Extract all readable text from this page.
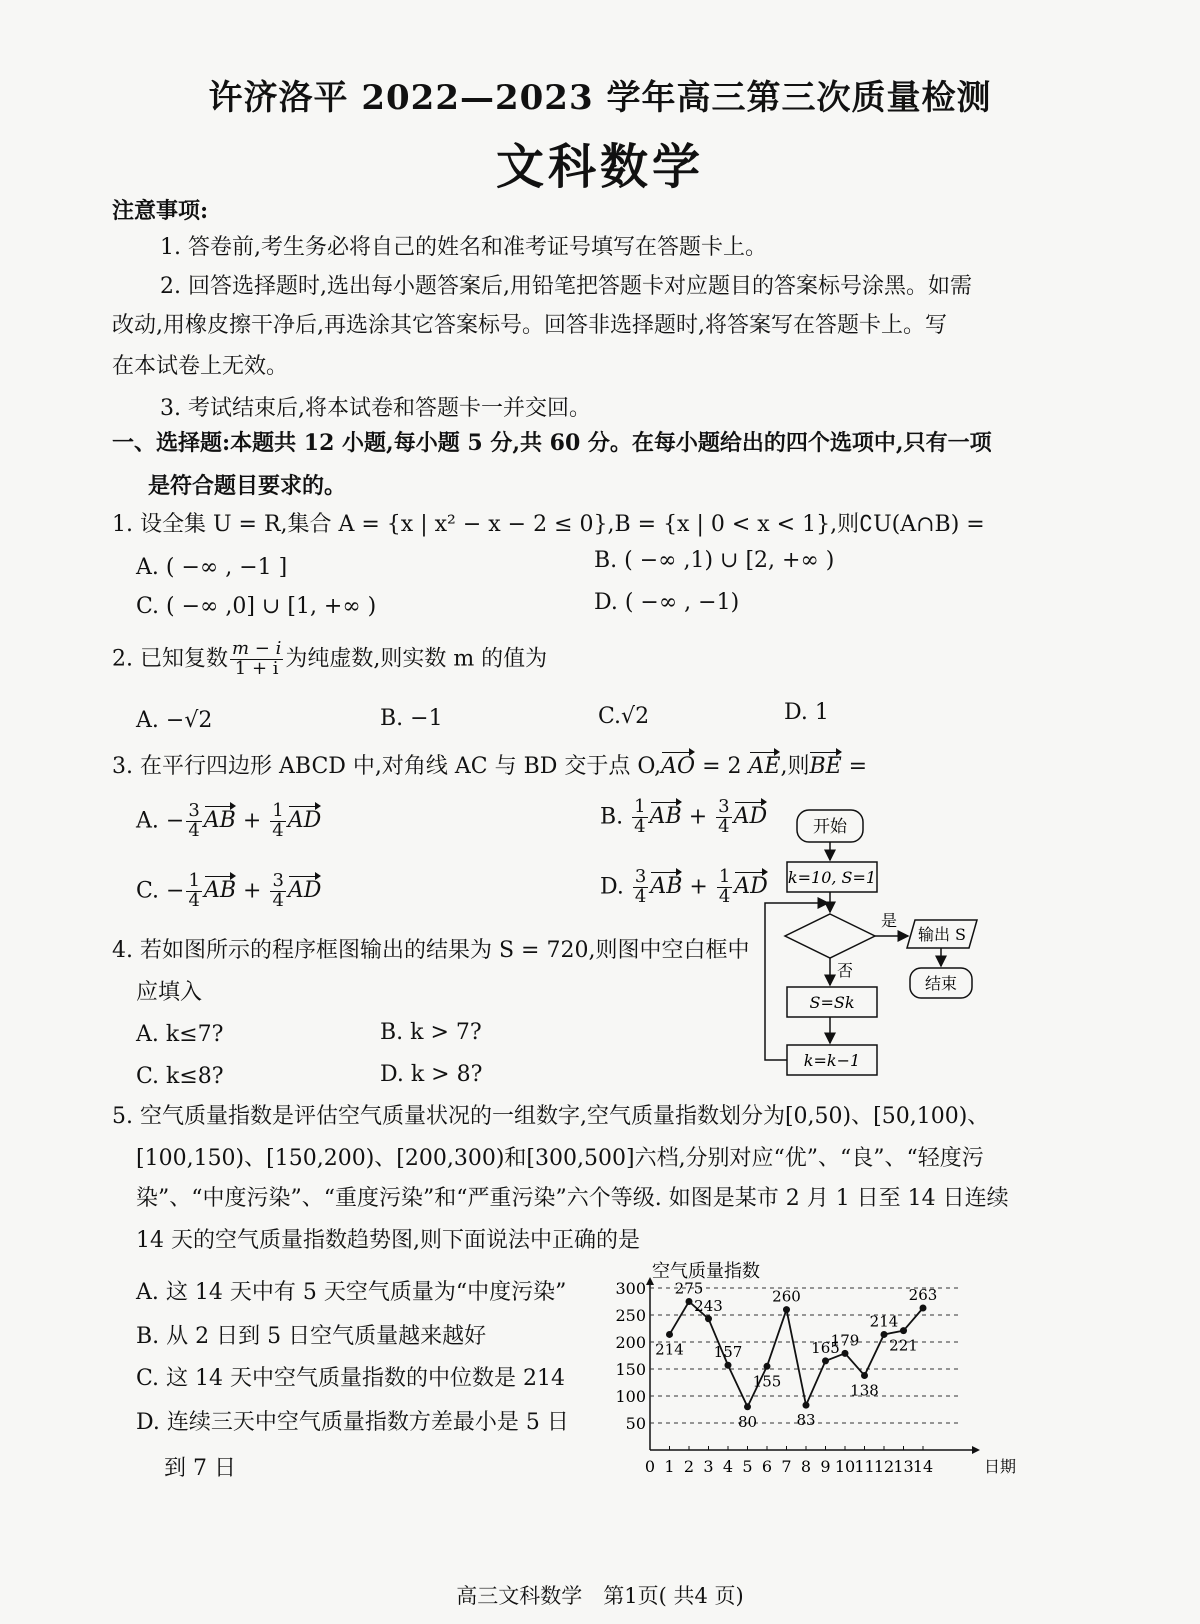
许济洛平 2022—2023 学年高三第三次质量检测
文科数学
注意事项:
1. 答卷前,考生务必将自己的姓名和准考证号填写在答题卡上。
2. 回答选择题时,选出每小题答案后,用铅笔把答题卡对应题目的答案标号涂黑。如需
改动,用橡皮擦干净后,再选涂其它答案标号。回答非选择题时,将答案写在答题卡上。写
在本试卷上无效。
3. 考试结束后,将本试卷和答题卡一并交回。
一、选择题:本题共 12 小题,每小题 5 分,共 60 分。在每小题给出的四个选项中,只有一项
是符合题目要求的。
1. 设全集 U = R,集合 A = {x | x² − x − 2 ≤ 0},B = {x | 0 < x < 1},则∁U(A∩B) =
A. ( −∞ , −1 ]	B. ( −∞ ,1) ∪ [2, +∞ )
C. ( −∞ ,0] ∪ [1, +∞ )	D. ( −∞ , −1)
2. 已知复数 $\frac{m - i}{1 + i}$ 为纯虚数,则实数 m 的值为
A. −√2	B. −1	C.√2	D. 1
3. 在平行四边形 ABCD 中,对角线 AC 与 BD 交于点 O,AO = 2 AE,则BE =
A. − $\frac{3}{4}$ AB + $\frac{1}{4}$ AD	B. $\frac{1}{4}$ AB + $\frac{3}{4}$ AD
C. − $\frac{1}{4}$ AB + $\frac{3}{4}$ AD	D. $\frac{3}{4}$ AB + $\frac{1}{4}$ AD
开始
k=10, S=1
是
输出 S
结束
否
S=Sk
k=k−1
4. 若如图所示的程序框图输出的结果为 S = 720,则图中空白框中
应填入
A. k≤7?	B. k > 7?
C. k≤8?	D. k > 8?
5. 空气质量指数是评估空气质量状况的一组数字,空气质量指数划分为[0,50)、[50,100)、
[100,150)、[150,200)、[200,300)和[300,500]六档,分别对应“优”、“良”、“轻度污
染”、“中度污染”、“重度污染”和“严重污染”六个等级. 如图是某市 2 月 1 日至 14 日连续
14 天的空气质量指数趋势图,则下面说法中正确的是
A. 这 14 天中有 5 天空气质量为“中度污染”
B. 从 2 日到 5 日空气质量越来越好
C. 这 14 天中空气质量指数的中位数是 214
D. 连续三天中空气质量指数方差最小是 5 日
到 7 日
空气质量指数
日期
50
100
150
200
250
300
0 1 2 3 4 5 6 7 8 9 10 11 12 13 14
214
275
243
157
80
155
260
83
165
179
138
214
221
263
高三文科数学　第1页( 共4 页)
